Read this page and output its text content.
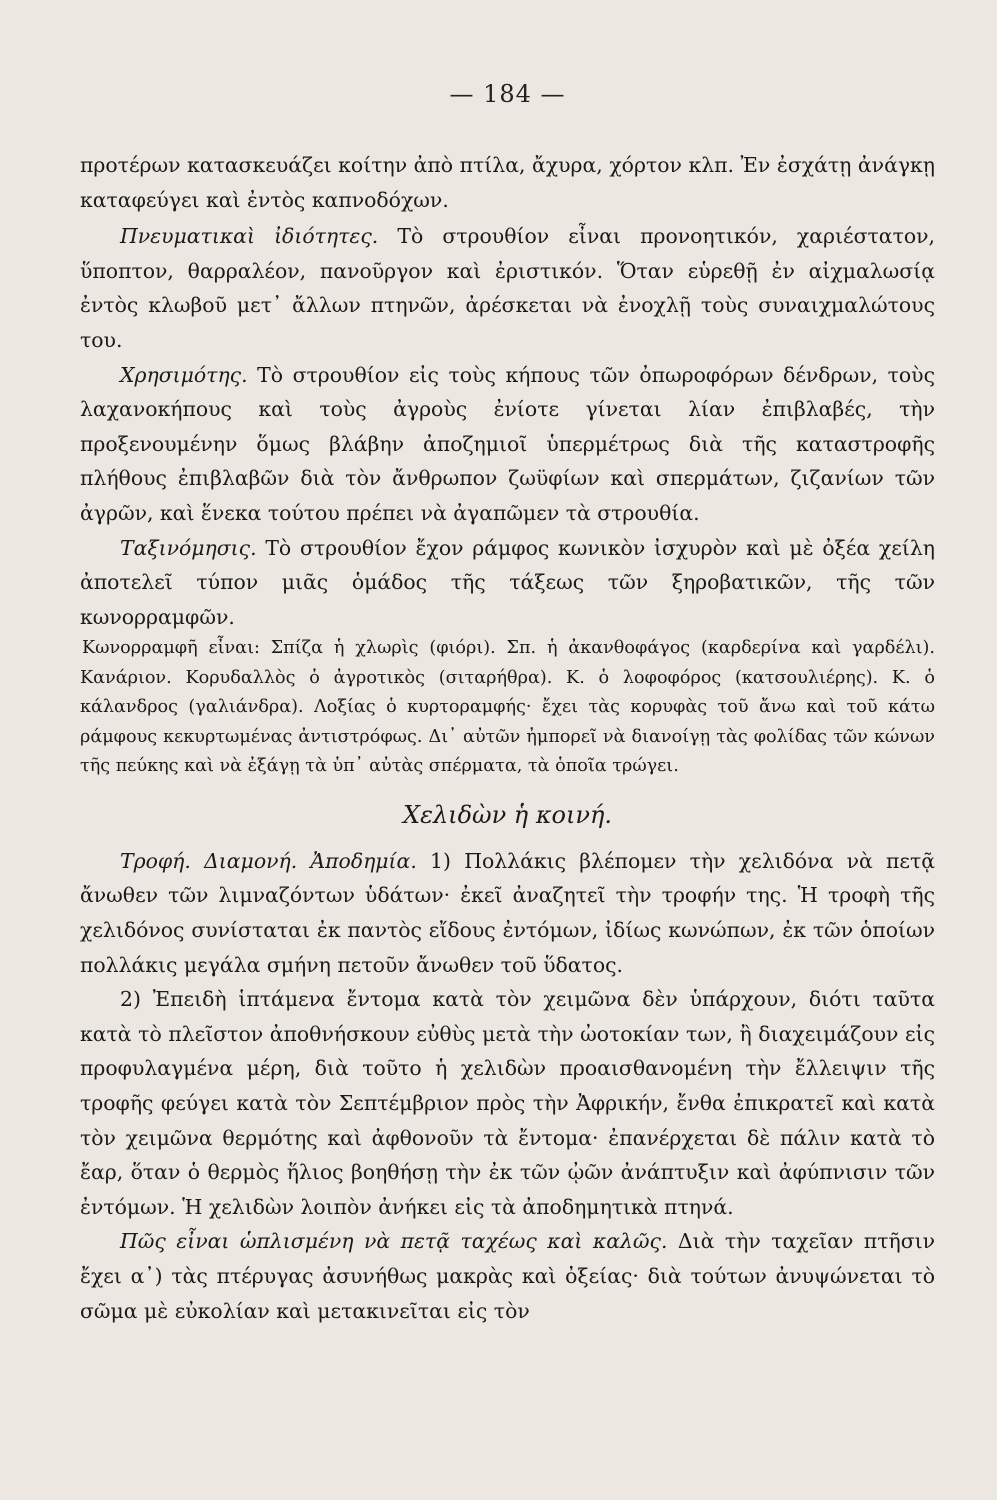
— 184 —

προτέρων κατασκευάζει κοίτην ἀπὸ πτίλα, ἄχυρα, χόρτον κλπ. Ἐν ἐσχάτῃ ἀνάγκῃ καταφεύγει καὶ ἐντὸς καπνοδόχων.

Πνευματικαὶ ἰδιότητες. Τὸ στρουθίον εἶναι προνοητικόν, χαριέστατον, ὕποπτον, θαρραλέον, πανοῦργον καὶ ἐριστικόν. Ὅταν εὑρεθῇ ἐν αἰχμαλωσίᾳ ἐντὸς κλωβοῦ μετ᾽ ἄλλων πτηνῶν, ἀρέσκεται νὰ ἐνοχλῇ τοὺς συναιχμαλώτους του.

Χρησιμότης. Τὸ στρουθίον εἰς τοὺς κήπους τῶν ὀπωροφόρων δένδρων, τοὺς λαχανοκήπους καὶ τοὺς ἀγροὺς ἐνίοτε γίνεται λίαν ἐπιβλαβές, τὴν προξενουμένην ὅμως βλάβην ἀποζημιοῖ ὑπερμέτρως διὰ τῆς καταστροφῆς πλήθους ἐπιβλαβῶν διὰ τὸν ἄνθρωπον ζωϋφίων καὶ σπερμάτων, ζιζανίων τῶν ἀγρῶν, καὶ ἕνεκα τούτου πρέπει νὰ ἀγαπῶμεν τὰ στρουθία.

Ταξινόμησις. Τὸ στρουθίον ἔχον ράμφος κωνικὸν ἰσχυρὸν καὶ μὲ ὀξέα χείλη ἀποτελεῖ τύπον μιᾶς ὁμάδος τῆς τάξεως τῶν ξηροβατικῶν, τῆς τῶν κωνορραμφῶν.

Κωνορραμφῆ εἶναι: Σπίζα ἡ χλωρὶς (φιόρι). Σπ. ἡ ἀκανθοφάγος (καρδερίνα καὶ γαρδέλι). Κανάριον. Κορυδαλλὸς ὁ ἀγροτικὸς (σιταρήθρα). Κ. ὁ λοφοφόρος (κατσουλιέρης). Κ. ὁ κάλανδρος (γαλιάνδρα). Λοξίας ὁ κυρτοραμφής· ἔχει τὰς κορυφὰς τοῦ ἄνω καὶ τοῦ κάτω ράμφους κεκυρτωμένας ἀντιστρόφως. Δι᾽ αὐτῶν ἠμπορεῖ νὰ διανοίγῃ τὰς φολίδας τῶν κώνων τῆς πεύκης καὶ νὰ ἐξάγῃ τὰ ὑπ᾽ αὐτὰς σπέρματα, τὰ ὁποῖα τρώγει.

Χελιδὼν ἡ κοινή.

Τροφή. Διαμονή. Ἀποδημία. 1) Πολλάκις βλέπομεν τὴν χελιδόνα νὰ πετᾷ ἄνωθεν τῶν λιμναζόντων ὑδάτων· ἐκεῖ ἀναζητεῖ τὴν τροφήν της. Ἡ τροφὴ τῆς χελιδόνος συνίσταται ἐκ παντὸς εἴδους ἐντόμων, ἰδίως κωνώπων, ἐκ τῶν ὁποίων πολλάκις μεγάλα σμήνη πετοῦν ἄνωθεν τοῦ ὕδατος.

2) Ἐπειδὴ ἱπτάμενα ἔντομα κατὰ τὸν χειμῶνα δὲν ὑπάρχουν, διότι ταῦτα κατὰ τὸ πλεῖστον ἀποθνήσκουν εὐθὺς μετὰ τὴν ὠοτοκίαν των, ἢ διαχειμάζουν εἰς προφυλαγμένα μέρη, διὰ τοῦτο ἡ χελιδὼν προαισθανομένη τὴν ἔλλειψιν τῆς τροφῆς φεύγει κατὰ τὸν Σεπτέμβριον πρὸς τὴν Ἀφρικήν, ἔνθα ἐπικρατεῖ καὶ κατὰ τὸν χειμῶνα θερμότης καὶ ἀφθονοῦν τὰ ἔντομα· ἐπανέρχεται δὲ πάλιν κατὰ τὸ ἔαρ, ὅταν ὁ θερμὸς ἥλιος βοηθήσῃ τὴν ἐκ τῶν ᾠῶν ἀνάπτυξιν καὶ ἀφύπνισιν τῶν ἐντόμων. Ἡ χελιδὼν λοιπὸν ἀνήκει εἰς τὰ ἀποδημητικὰ πτηνά.

Πῶς εἶναι ὡπλισμένη νὰ πετᾷ ταχέως καὶ καλῶς. Διὰ τὴν ταχεῖαν πτῆσιν ἔχει α᾽) τὰς πτέρυγας ἀσυνήθως μακρὰς καὶ ὀξείας· διὰ τούτων ἀνυψώνεται τὸ σῶμα μὲ εὐκολίαν καὶ μετακινεῖται εἰς τὸν
